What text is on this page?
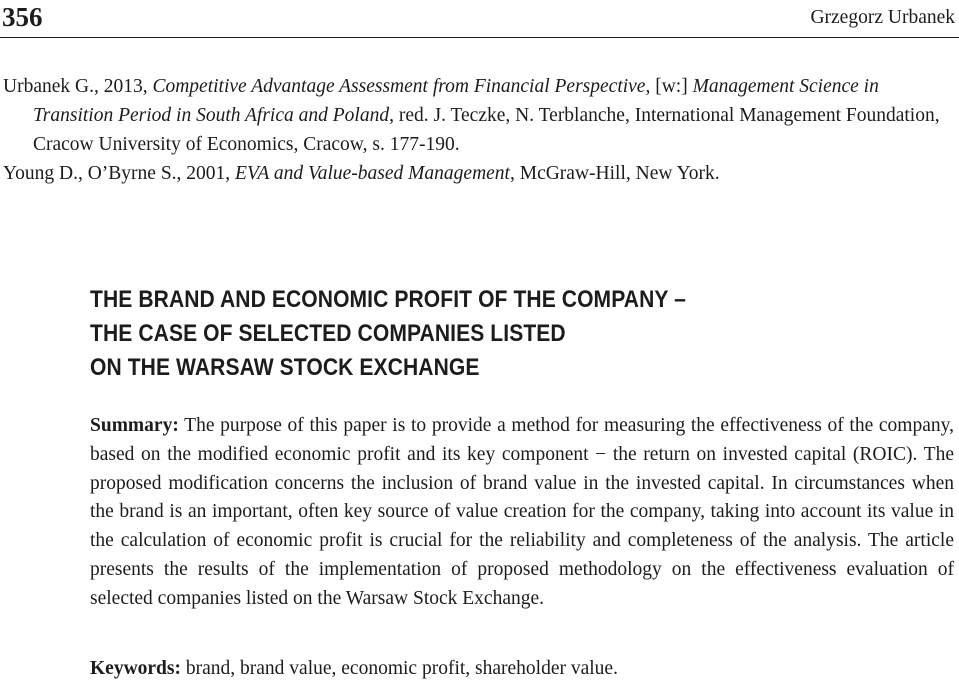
356	Grzegorz Urbanek

Urbanek G., 2013, Competitive Advantage Assessment from Financial Perspective, [w:] Management Science in Transition Period in South Africa and Poland, red. J. Teczke, N. Terblanche, International Management Foundation, Cracow University of Economics, Cracow, s. 177-190.

Young D., O’Byrne S., 2001, EVA and Value-based Management, McGraw-Hill, New York.

THE BRAND AND ECONOMIC PROFIT OF THE COMPANY –
THE CASE OF SELECTED COMPANIES LISTED
ON THE WARSAW STOCK EXCHANGE

Summary: The purpose of this paper is to provide a method for measuring the effectiveness of the company, based on the modified economic profit and its key component − the return on invested capital (ROIC). The proposed modification concerns the inclusion of brand value in the invested capital. In circumstances when the brand is an important, often key source of value creation for the company, taking into account its value in the calculation of economic profit is crucial for the reliability and completeness of the analysis. The article presents the results of the implementation of proposed methodology on the effectiveness evaluation of selected companies listed on the Warsaw Stock Exchange.

Keywords: brand, brand value, economic profit, shareholder value.
